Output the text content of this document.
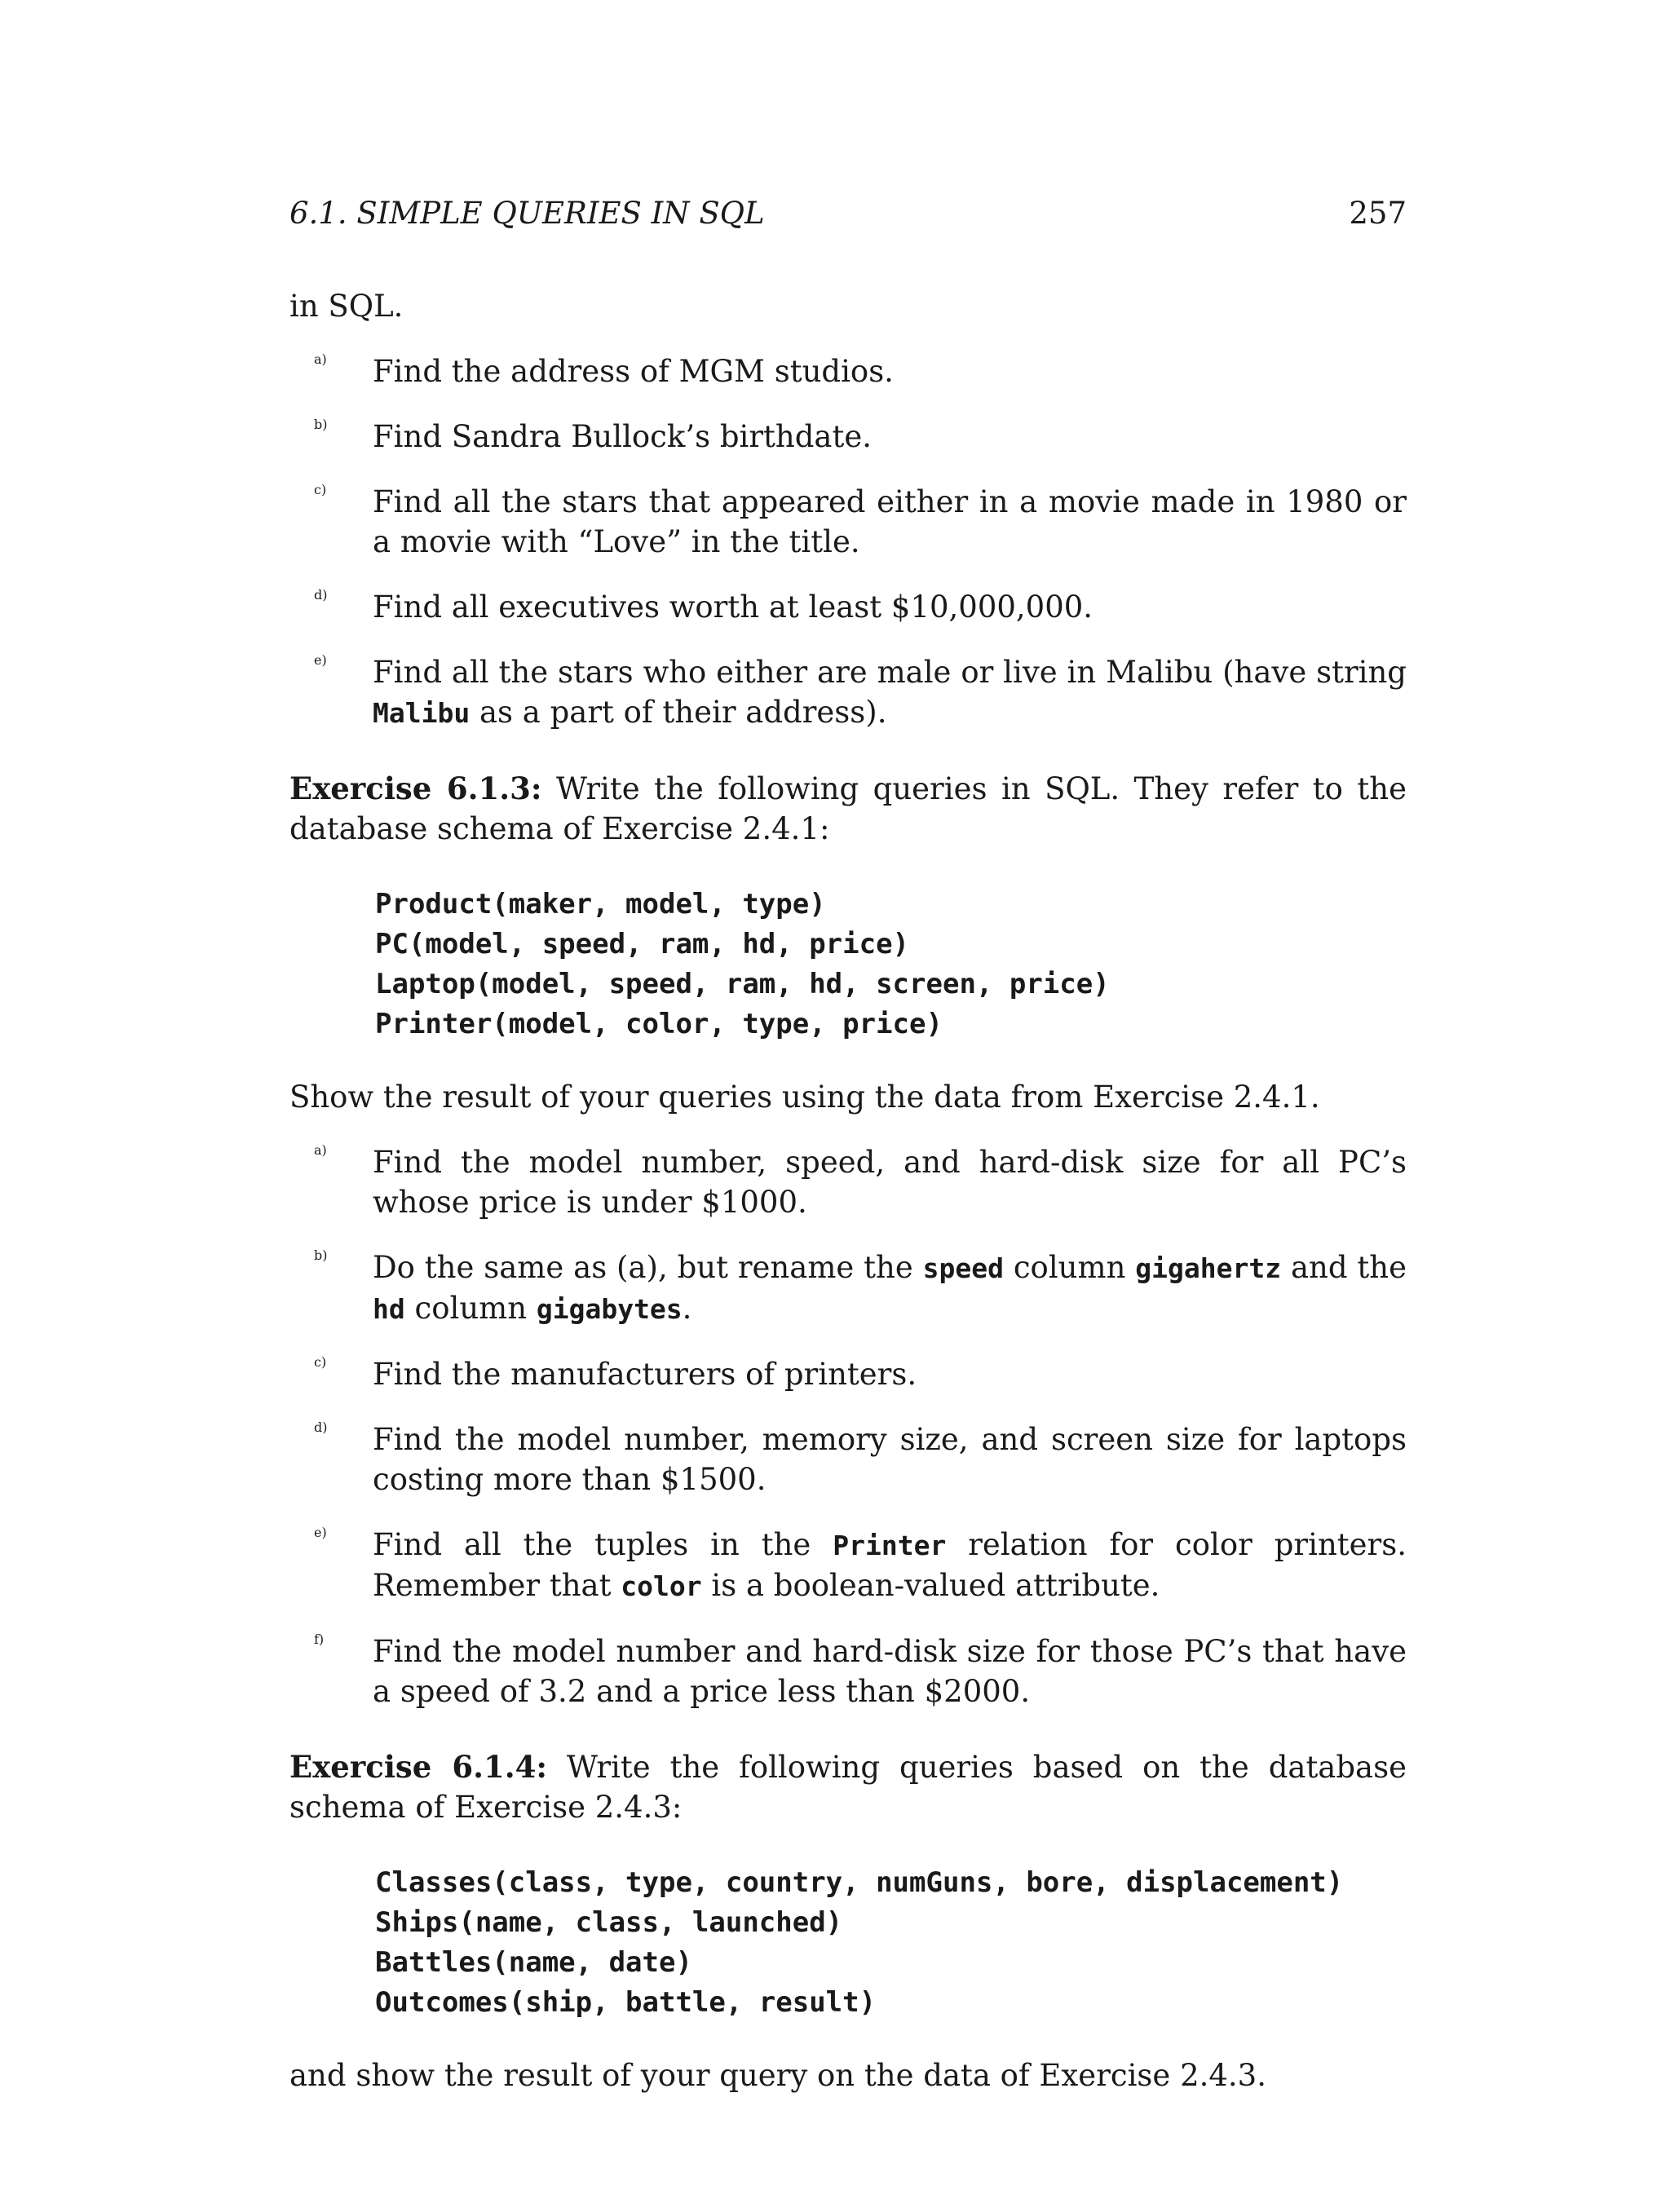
6.1. SIMPLE QUERIES IN SQL	257

in SQL.

a)	Find the address of MGM studios.

b)	Find Sandra Bullock’s birthdate.

c)	Find all the stars that appeared either in a movie made in 1980 or a movie with “Love” in the title.

d)	Find all executives worth at least $10,000,000.

e)	Find all the stars who either are male or live in Malibu (have string Malibu as a part of their address).

Exercise 6.1.3: Write the following queries in SQL. They refer to the database schema of Exercise 2.4.1:

Product(maker, model, type)
PC(model, speed, ram, hd, price)
Laptop(model, speed, ram, hd, screen, price)
Printer(model, color, type, price)

Show the result of your queries using the data from Exercise 2.4.1.

a)	Find the model number, speed, and hard-disk size for all PC’s whose price is under $1000.

b)	Do the same as (a), but rename the speed column gigahertz and the hd column gigabytes.

c)	Find the manufacturers of printers.

d)	Find the model number, memory size, and screen size for laptops costing more than $1500.

e)	Find all the tuples in the Printer relation for color printers. Remember that color is a boolean-valued attribute.

f)	Find the model number and hard-disk size for those PC’s that have a speed of 3.2 and a price less than $2000.

Exercise 6.1.4: Write the following queries based on the database schema of Exercise 2.4.3:

Classes(class, type, country, numGuns, bore, displacement)
Ships(name, class, launched)
Battles(name, date)
Outcomes(ship, battle, result)

and show the result of your query on the data of Exercise 2.4.3.
